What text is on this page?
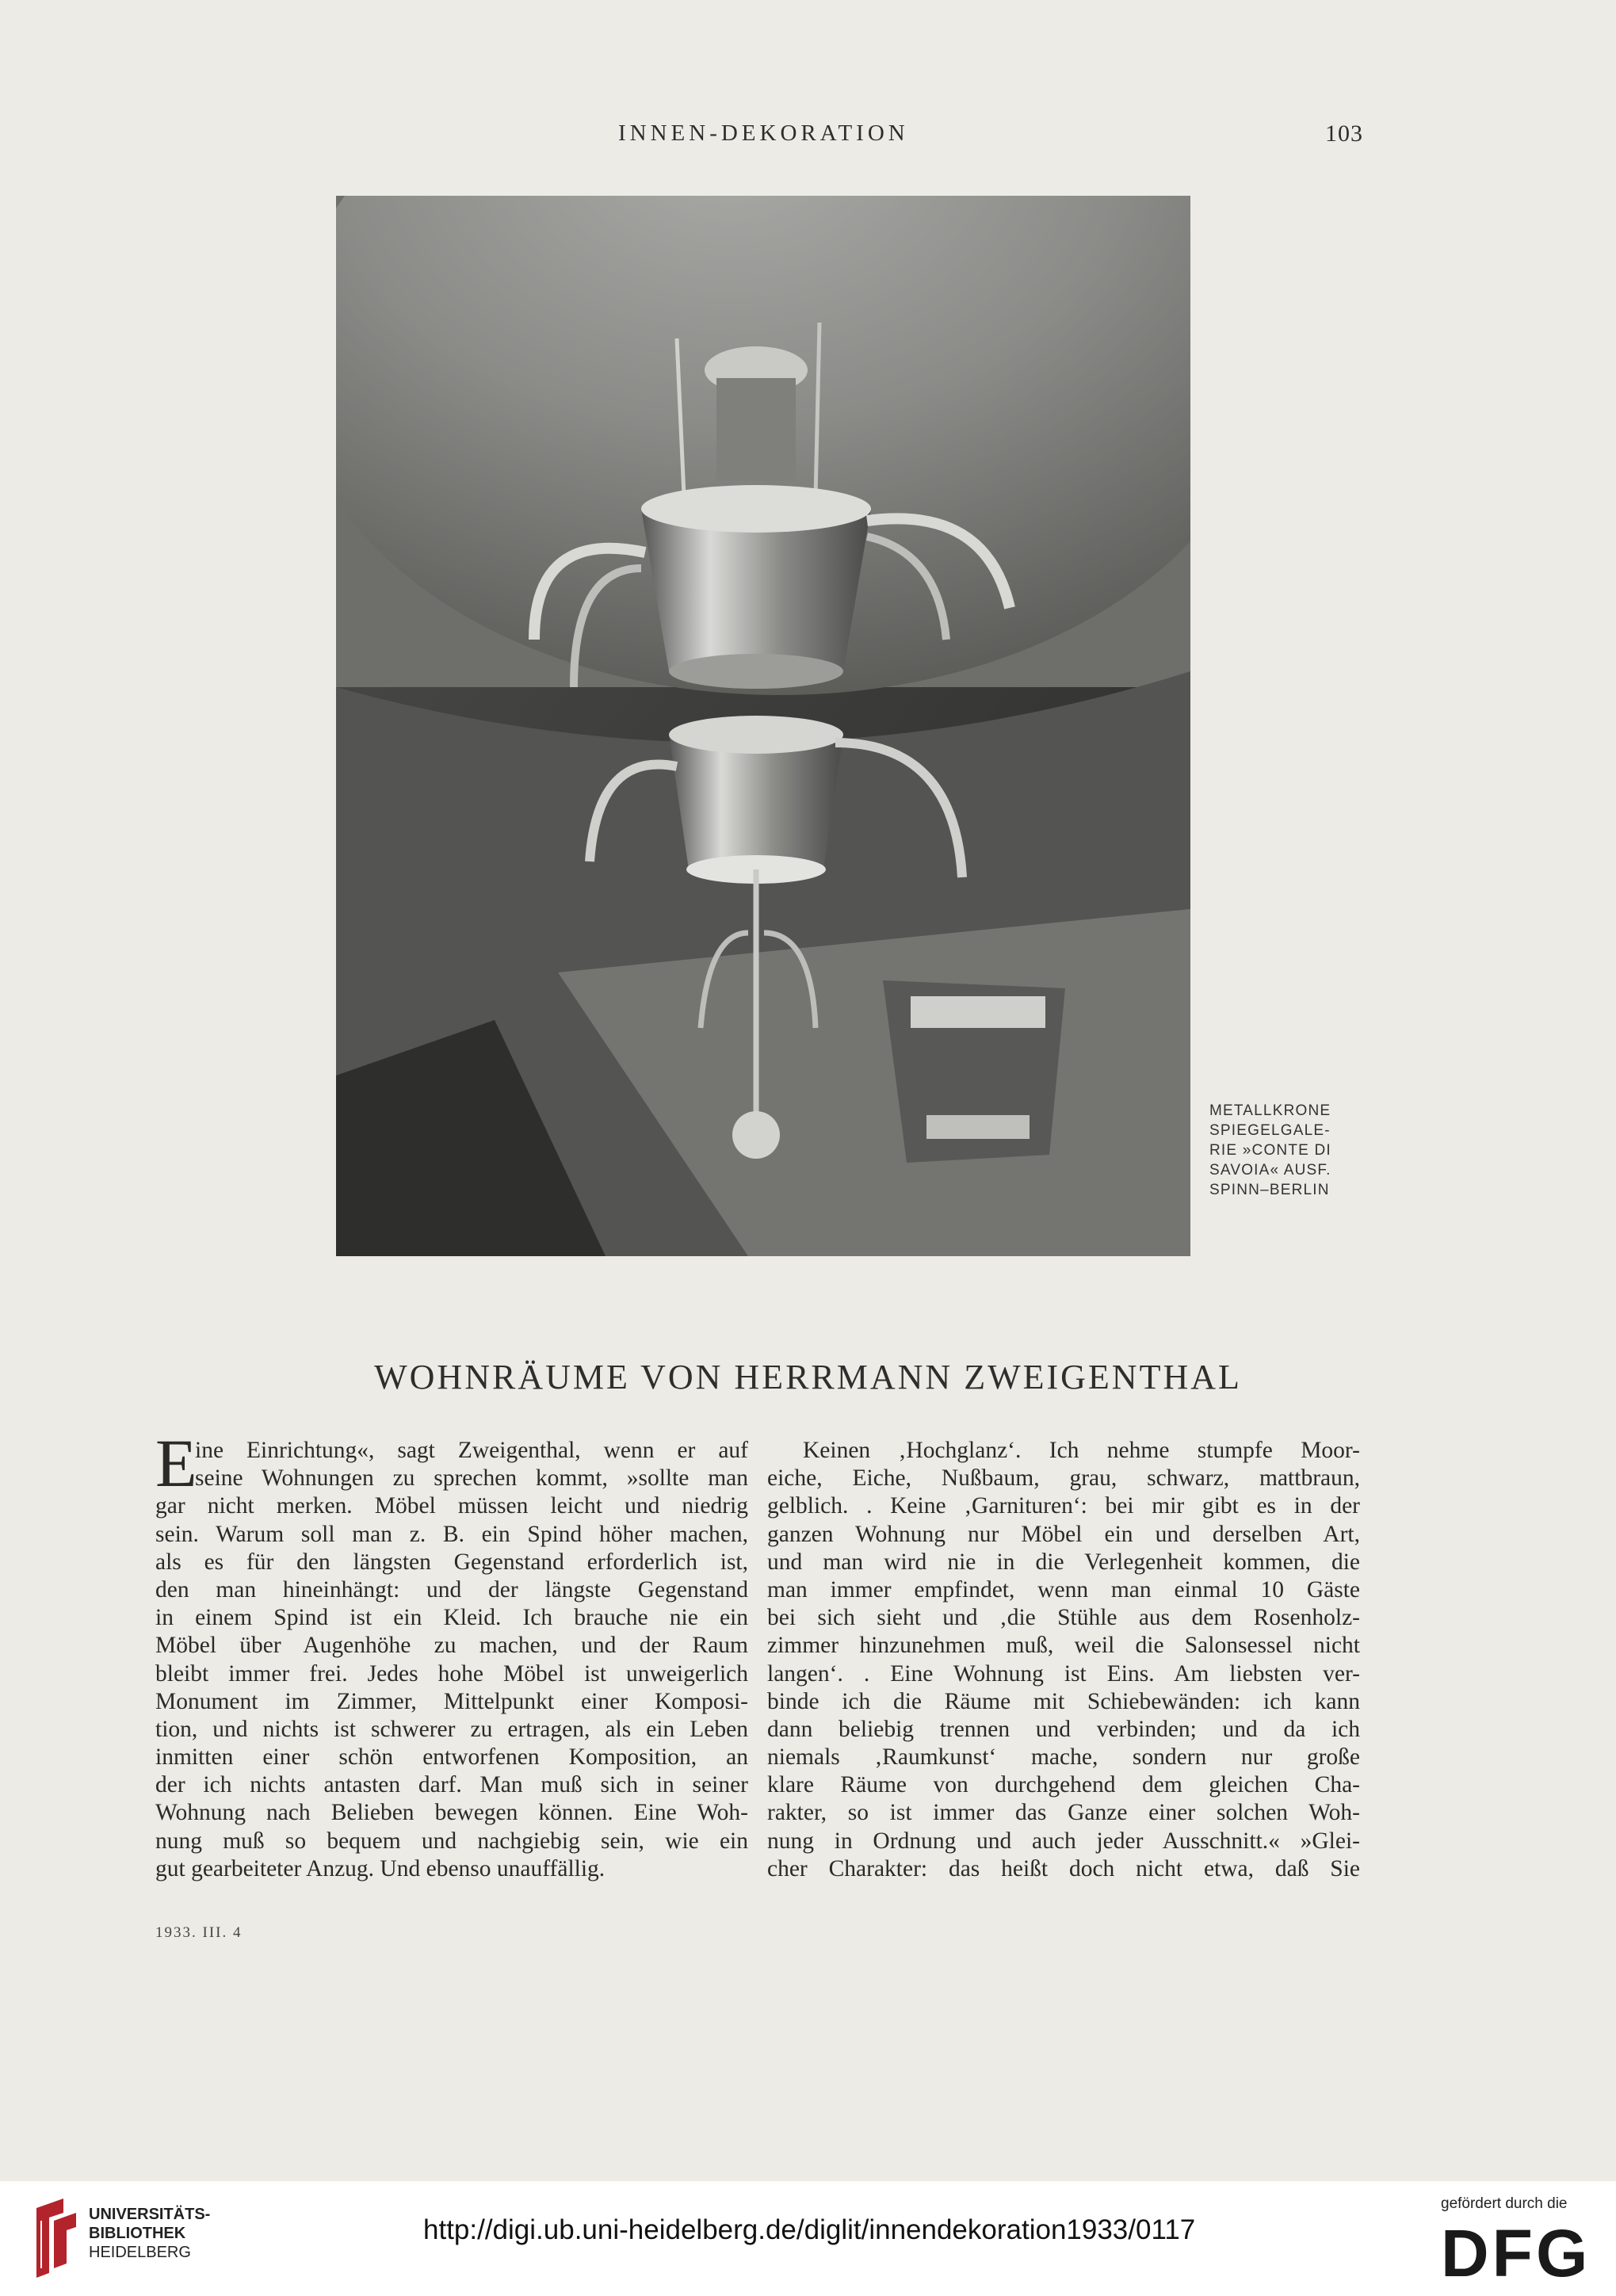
INNEN-DEKORATION	103
METALLKRONE
SPIEGELGALE-
RIE »CONTE DI
SAVOIA« AUSF.
SPINN–BERLIN
WOHNRÄUME VON HERRMANN ZWEIGENTHAL
E
ine Einrichtung«, sagt Zweigenthal, wenn er auf
seine Wohnungen zu sprechen kommt, »sollte man
gar nicht merken. Möbel müssen leicht und niedrig
sein. Warum soll man z. B. ein Spind höher machen,
als es für den längsten Gegenstand erforderlich ist,
den man hineinhängt: und der längste Gegenstand
in einem Spind ist ein Kleid. Ich brauche nie ein
Möbel über Augenhöhe zu machen, und der Raum
bleibt immer frei. Jedes hohe Möbel ist unweigerlich
Monument im Zimmer, Mittelpunkt einer Komposi-
tion, und nichts ist schwerer zu ertragen, als ein Leben
inmitten einer schön entworfenen Komposition, an
der ich nichts antasten darf. Man muß sich in seiner
Wohnung nach Belieben bewegen können. Eine Woh-
nung muß so bequem und nachgiebig sein, wie ein
gut gearbeiteter Anzug. Und ebenso unauffällig.
Keinen ‚Hochglanz‘. Ich nehme stumpfe Moor-
eiche, Eiche, Nußbaum, grau, schwarz, mattbraun,
gelblich. . Keine ‚Garnituren‘: bei mir gibt es in der
ganzen Wohnung nur Möbel ein und derselben Art,
und man wird nie in die Verlegenheit kommen, die
man immer empfindet, wenn man einmal 10 Gäste
bei sich sieht und ‚die Stühle aus dem Rosenholz-
zimmer hinzunehmen muß, weil die Salonsessel nicht
langen‘. . Eine Wohnung ist Eins. Am liebsten ver-
binde ich die Räume mit Schiebewänden: ich kann
dann beliebig trennen und verbinden; und da ich
niemals ‚Raumkunst‘ mache, sondern nur große
klare Räume von durchgehend dem gleichen Cha-
rakter, so ist immer das Ganze einer solchen Woh-
nung in Ordnung und auch jeder Ausschnitt.« »Glei-
cher Charakter: das heißt doch nicht etwa, daß Sie
1933. III. 4
UNIVERSITÄTS-
BIBLIOTHEK
HEIDELBERG
http://digi.ub.uni-heidelberg.de/diglit/innendekoration1933/0117
gefördert durch die
DFG
